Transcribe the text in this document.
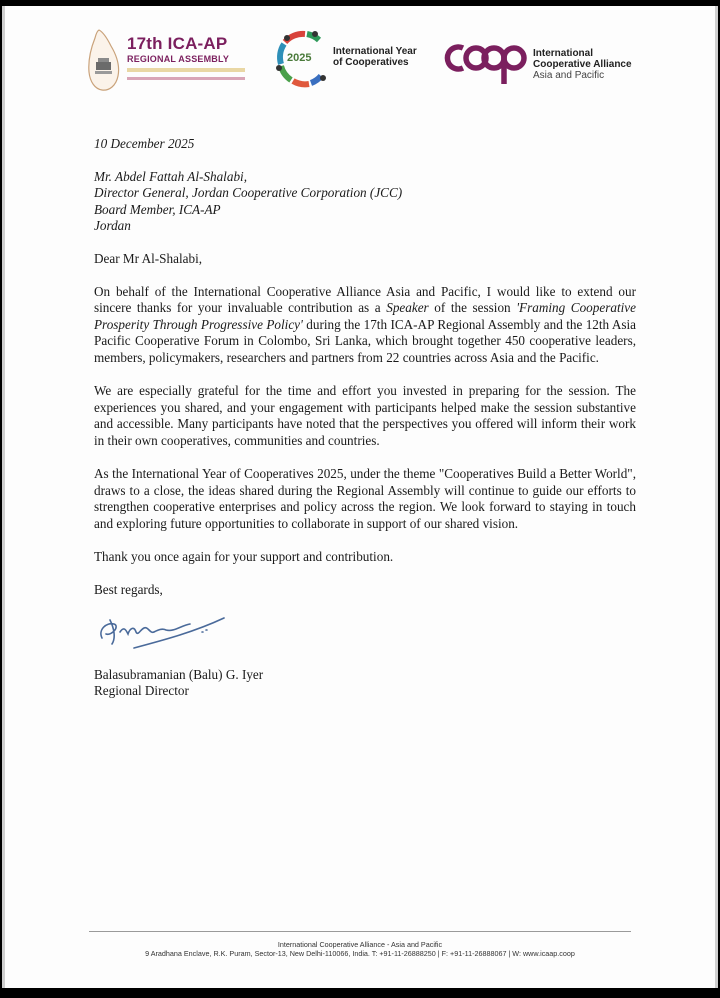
17th ICA-AP
REGIONAL ASSEMBLY	2025
International Year
of Cooperatives
International
Cooperative Alliance
Asia and Pacific
10 December 2025
Mr. Abdel Fattah Al-Shalabi,
Director General, Jordan Cooperative Corporation (JCC)
Board Member, ICA-AP
Jordan
Dear Mr Al-Shalabi,

On behalf of the International Cooperative Alliance Asia and Pacific, I would like to extend our sincere thanks for your invaluable contribution as a Speaker of the session 'Framing Cooperative Prosperity Through Progressive Policy' during the 17th ICA-AP Regional Assembly and the 12th Asia Pacific Cooperative Forum in Colombo, Sri Lanka, which brought together 450 cooperative leaders, members, policymakers, researchers and partners from 22 countries across Asia and the Pacific.

We are especially grateful for the time and effort you invested in preparing for the session. The experiences you shared, and your engagement with participants helped make the session substantive and accessible. Many participants have noted that the perspectives you offered will inform their work in their own cooperatives, communities and countries.

As the International Year of Cooperatives 2025, under the theme "Cooperatives Build a Better World", draws to a close, the ideas shared during the Regional Assembly will continue to guide our efforts to strengthen cooperative enterprises and policy across the region. We look forward to staying in touch and exploring future opportunities to collaborate in support of our shared vision.

Thank you once again for your support and contribution.
Best regards,
Balasubramanian (Balu) G. Iyer
Regional Director
International Cooperative Alliance - Asia and Pacific
9 Aradhana Enclave, R.K. Puram, Sector-13, New Delhi-110066, India. T: +91-11-26888250 | F: +91-11-26888067 | W: www.icaap.coop
